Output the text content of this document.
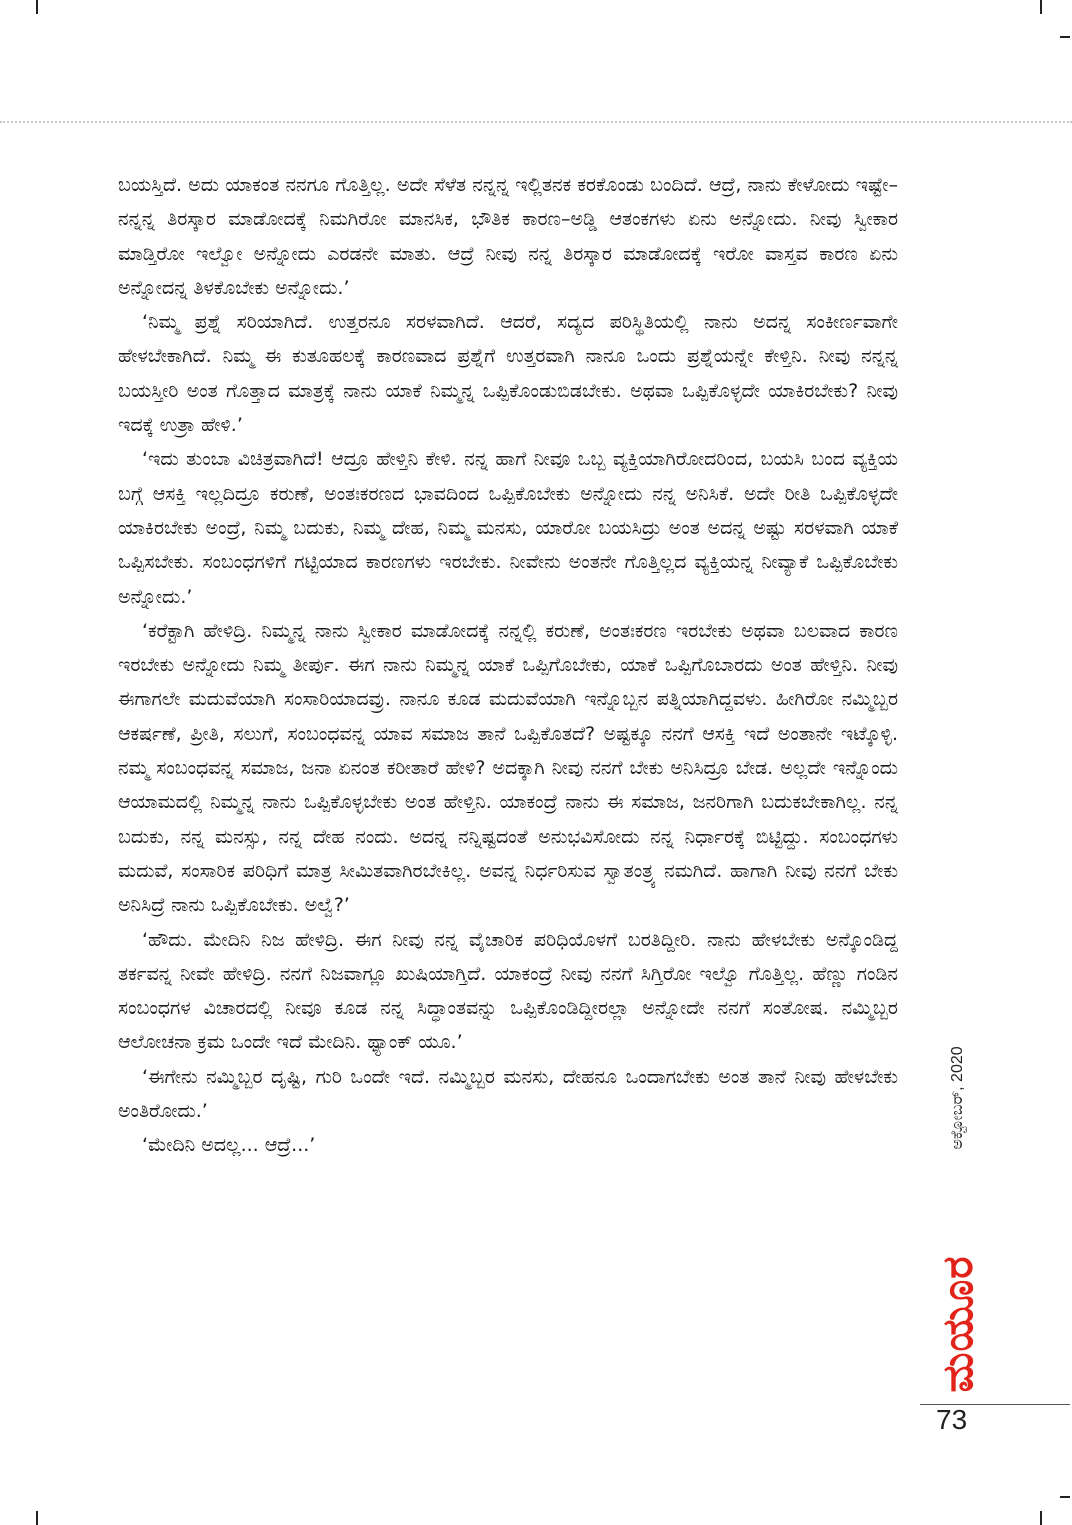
ಬಯಸ್ತಿದೆ. ಅದು ಯಾಕಂತ ನನಗೂ ಗೊತ್ತಿಲ್ಲ. ಅದೇ ಸೆಳೆತ ನನ್ನನ್ನ ಇಲ್ಲಿತನಕ ಕರಕೊಂಡು ಬಂದಿದೆ. ಆದ್ರೆ, ನಾನು ಕೇಳೋದು ಇಷ್ಟೇ–ನನ್ನನ್ನ ತಿರಸ್ಕಾರ ಮಾಡೋದಕ್ಕೆ ನಿಮಗಿರೋ ಮಾನಸಿಕ, ಭೌತಿಕ ಕಾರಣ–ಅಡ್ಡಿ ಆತಂಕಗಳು ಏನು ಅನ್ನೋದು. ನೀವು ಸ್ವೀಕಾರ ಮಾಡ್ತಿರೋ ಇಲ್ವೋ ಅನ್ನೋದು ಎರಡನೇ ಮಾತು. ಆದ್ರೆ ನೀವು ನನ್ನ ತಿರಸ್ಕಾರ ಮಾಡೋದಕ್ಕೆ ಇರೋ ವಾಸ್ತವ ಕಾರಣ ಏನು ಅನ್ನೋದನ್ನ ತಿಳಕೊಬೇಕು ಅನ್ನೋದು.’

‘ನಿಮ್ಮ ಪ್ರಶ್ನೆ ಸರಿಯಾಗಿದೆ. ಉತ್ತರನೂ ಸರಳವಾಗಿದೆ. ಆದರೆ, ಸದ್ಯದ ಪರಿಸ್ಥಿತಿಯಲ್ಲಿ ನಾನು ಅದನ್ನ ಸಂಕೀರ್ಣವಾಗೇ ಹೇಳಬೇಕಾಗಿದೆ. ನಿಮ್ಮ ಈ ಕುತೂಹಲಕ್ಕೆ ಕಾರಣವಾದ ಪ್ರಶ್ನೆಗೆ ಉತ್ತರವಾಗಿ ನಾನೂ ಒಂದು ಪ್ರಶ್ನೆಯನ್ನೇ ಕೇಳ್ತಿನಿ. ನೀವು ನನ್ನನ್ನ ಬಯಸ್ತೀರಿ ಅಂತ ಗೊತ್ತಾದ ಮಾತ್ರಕ್ಕೆ ನಾನು ಯಾಕೆ ನಿಮ್ಮನ್ನ ಒಪ್ಪಿಕೊಂಡುಬಿಡಬೇಕು. ಅಥವಾ ಒಪ್ಪಿಕೊಳ್ಳದೇ ಯಾಕಿರಬೇಕು? ನೀವು ಇದಕ್ಕೆ ಉತ್ರಾ ಹೇಳಿ.’

‘ಇದು ತುಂಬಾ ವಿಚಿತ್ರವಾಗಿದೆ! ಆದ್ರೂ ಹೇಳ್ತಿನಿ ಕೇಳಿ. ನನ್ನ ಹಾಗೆ ನೀವೂ ಒಬ್ಬ ವ್ಯಕ್ತಿಯಾಗಿರೋದರಿಂದ, ಬಯಸಿ ಬಂದ ವ್ಯಕ್ತಿಯ ಬಗ್ಗೆ ಆಸಕ್ತಿ ಇಲ್ಲದಿದ್ರೂ ಕರುಣೆ, ಅಂತಃಕರಣದ ಭಾವದಿಂದ ಒಪ್ಪಿಕೊಬೇಕು ಅನ್ನೋದು ನನ್ನ ಅನಿಸಿಕೆ. ಅದೇ ರೀತಿ ಒಪ್ಪಿಕೊಳ್ಳದೇ ಯಾಕಿರಬೇಕು ಅಂದ್ರೆ, ನಿಮ್ಮ ಬದುಕು, ನಿಮ್ಮ ದೇಹ, ನಿಮ್ಮ ಮನಸು, ಯಾರೋ ಬಯಸಿದ್ರು ಅಂತ ಅದನ್ನ ಅಷ್ಟು ಸರಳವಾಗಿ ಯಾಕೆ ಒಪ್ಪಿಸಬೇಕು. ಸಂಬಂಧಗಳಿಗೆ ಗಟ್ಟಿಯಾದ ಕಾರಣಗಳು ಇರಬೇಕು. ನೀವೇನು ಅಂತನೇ ಗೊತ್ತಿಲ್ಲದ ವ್ಯಕ್ತಿಯನ್ನ ನೀವ್ಯಾಕೆ ಒಪ್ಪಿಕೊಬೇಕು ಅನ್ನೋದು.’

‘ಕರೆಕ್ಟಾಗಿ ಹೇಳಿದ್ರಿ. ನಿಮ್ಮನ್ನ ನಾನು ಸ್ವೀಕಾರ ಮಾಡೋದಕ್ಕೆ ನನ್ನಲ್ಲಿ ಕರುಣೆ, ಅಂತಃಕರಣ ಇರಬೇಕು ಅಥವಾ ಬಲವಾದ ಕಾರಣ ಇರಬೇಕು ಅನ್ನೋದು ನಿಮ್ಮ ತೀರ್ಪು. ಈಗ ನಾನು ನಿಮ್ಮನ್ನ ಯಾಕೆ ಒಪ್ಪಿಗೊಬೇಕು, ಯಾಕೆ ಒಪ್ಪಿಗೊಬಾರದು ಅಂತ ಹೇಳ್ತಿನಿ. ನೀವು ಈಗಾಗಲೇ ಮದುವೆಯಾಗಿ ಸಂಸಾರಿಯಾದವ್ರು. ನಾನೂ ಕೂಡ ಮದುವೆಯಾಗಿ ಇನ್ನೊಬ್ಬನ ಪತ್ನಿಯಾಗಿದ್ದವಳು. ಹೀಗಿರೋ ನಮ್ಮಿಬ್ಬರ ಆಕರ್ಷಣೆ, ಪ್ರೀತಿ, ಸಲುಗೆ, ಸಂಬಂಧವನ್ನ ಯಾವ ಸಮಾಜ ತಾನೆ ಒಪ್ಪಿಕೊತದೆ? ಅಷ್ಟಕ್ಕೂ ನನಗೆ ಆಸಕ್ತಿ ಇದೆ ಅಂತಾನೇ ಇಟ್ಕೊಳ್ಳಿ. ನಮ್ಮ ಸಂಬಂಧವನ್ನ ಸಮಾಜ, ಜನಾ ಏನಂತ ಕರೀತಾರೆ ಹೇಳಿ? ಅದಕ್ಕಾಗಿ ನೀವು ನನಗೆ ಬೇಕು ಅನಿಸಿದ್ರೂ ಬೇಡ. ಅಲ್ಲದೇ ಇನ್ನೊಂದು ಆಯಾಮದಲ್ಲಿ ನಿಮ್ಮನ್ನ ನಾನು ಒಪ್ಪಿಕೊಳ್ಳಬೇಕು ಅಂತ ಹೇಳ್ತಿನಿ. ಯಾಕಂದ್ರೆ ನಾನು ಈ ಸಮಾಜ, ಜನರಿಗಾಗಿ ಬದುಕಬೇಕಾಗಿಲ್ಲ. ನನ್ನ ಬದುಕು, ನನ್ನ ಮನಸ್ಸು, ನನ್ನ ದೇಹ ನಂದು. ಅದನ್ನ ನನ್ನಿಷ್ಟದಂತೆ ಅನುಭವಿಸೋದು ನನ್ನ ನಿರ್ಧಾರಕ್ಕೆ ಬಿಟ್ಟಿದ್ದು. ಸಂಬಂಧಗಳು ಮದುವೆ, ಸಂಸಾರಿಕ ಪರಿಧಿಗೆ ಮಾತ್ರ ಸೀಮಿತವಾಗಿರಬೇಕಿಲ್ಲ. ಅವನ್ನ ನಿರ್ಧರಿಸುವ ಸ್ವಾತಂತ್ರ್ಯ ನಮಗಿದೆ. ಹಾಗಾಗಿ ನೀವು ನನಗೆ ಬೇಕು ಅನಿಸಿದ್ರೆ ನಾನು ಒಪ್ಪಿಕೊಬೇಕು. ಅಲ್ವೆ?’

‘ಹೌದು. ಮೇದಿನಿ ನಿಜ ಹೇಳಿದ್ರಿ. ಈಗ ನೀವು ನನ್ನ ವೈಚಾರಿಕ ಪರಿಧಿಯೊಳಗೆ ಬರತಿದ್ದೀರಿ. ನಾನು ಹೇಳಬೇಕು ಅನ್ಕೊಂಡಿದ್ದ ತರ್ಕವನ್ನ ನೀವೇ ಹೇಳಿದ್ರಿ. ನನಗೆ ನಿಜವಾಗ್ಲೂ ಖುಷಿಯಾಗ್ತಿದೆ. ಯಾಕಂದ್ರೆ ನೀವು ನನಗೆ ಸಿಗ್ತಿರೋ ಇಲ್ವೊ ಗೊತ್ತಿಲ್ಲ. ಹೆಣ್ಣು ಗಂಡಿನ ಸಂಬಂಧಗಳ ವಿಚಾರದಲ್ಲಿ ನೀವೂ ಕೂಡ ನನ್ನ ಸಿದ್ಧಾಂತವನ್ನು ಒಪ್ಪಿಕೊಂಡಿದ್ದೀರಲ್ಲಾ ಅನ್ನೋದೇ ನನಗೆ ಸಂತೋಷ. ನಮ್ಮಿಬ್ಬರ ಆಲೋಚನಾ ಕ್ರಮ ಒಂದೇ ಇದೆ ಮೇದಿನಿ. ಥ್ಯಾಂಕ್ ಯೂ.’

‘ಈಗೇನು ನಮ್ಮಿಬ್ಬರ ದೃಷ್ಟಿ, ಗುರಿ ಒಂದೇ ಇದೆ. ನಮ್ಮಿಬ್ಬರ ಮನಸು, ದೇಹನೂ ಒಂದಾಗಬೇಕು ಅಂತ ತಾನೆ ನೀವು ಹೇಳಬೇಕು ಅಂತಿರೋದು.’

‘ಮೇದಿನಿ ಅದಲ್ಲ... ಆದ್ರೆ...’	ಅಕ್ಟೋಬರ್, 2020
ಮಯೂರ
73
